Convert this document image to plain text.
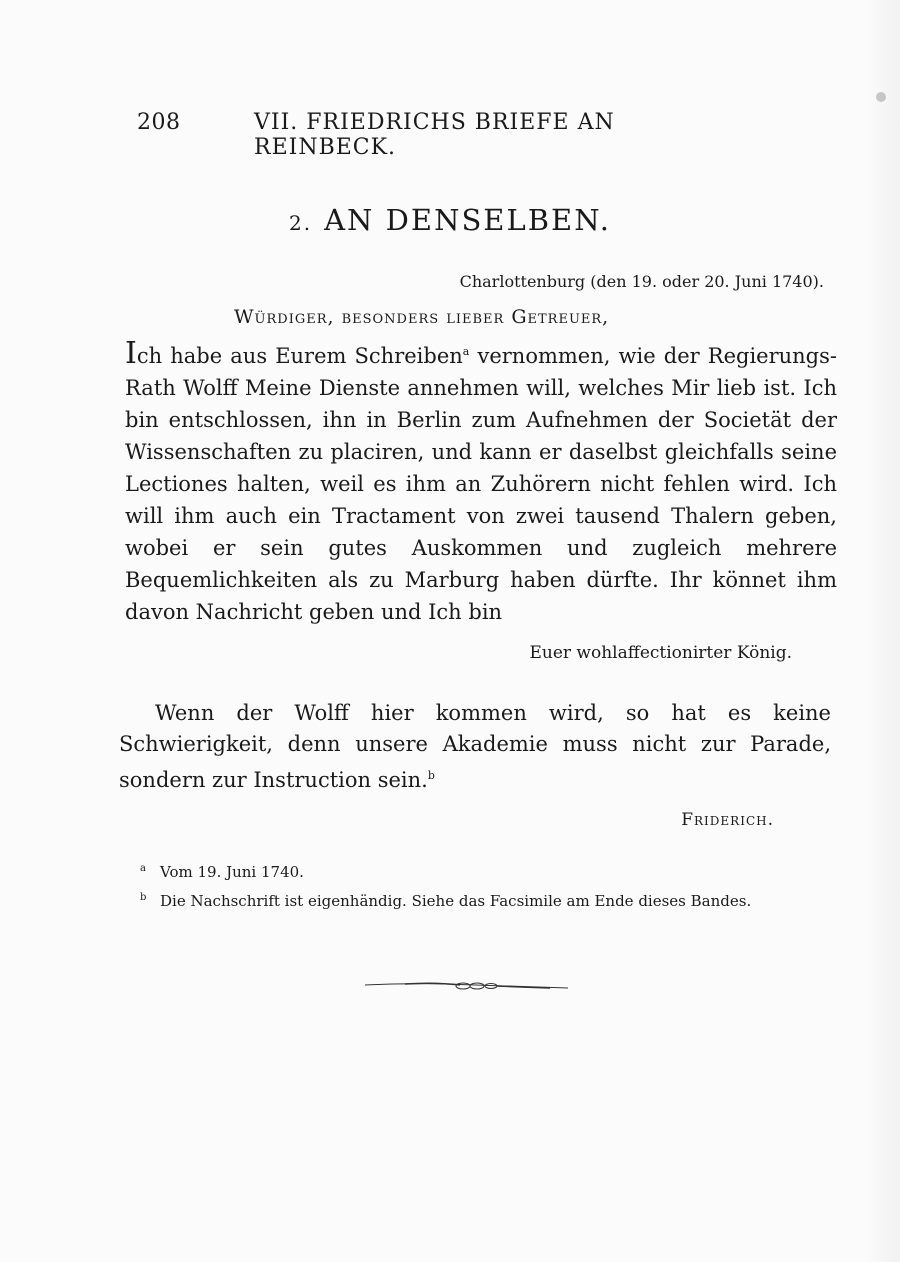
208	VII. FRIEDRICHS BRIEFE AN REINBECK.
2. AN DENSELBEN.
Charlottenburg (den 19. oder 20. Juni 1740).
Würdiger, besonders lieber Getreuer,
Ich habe aus Eurem Schreiben$^a$ vernommen, wie der Regierungs-Rath Wolff Meine Dienste annehmen will, welches Mir lieb ist. Ich bin entschlossen, ihn in Berlin zum Aufnehmen der Societät der Wissenschaften zu placiren, und kann er daselbst gleichfalls seine Lectiones halten, weil es ihm an Zuhörern nicht fehlen wird. Ich will ihm auch ein Tractament von zwei tausend Thalern geben, wobei er sein gutes Auskommen und zugleich mehrere Bequemlichkeiten als zu Marburg haben dürfte. Ihr könnet ihm davon Nachricht geben und Ich bin
Euer wohlaffectionirter König.
Wenn der Wolff hier kommen wird, so hat es keine Schwierigkeit, denn unsere Akademie muss nicht zur Parade, sondern zur Instruction sein.$^b$
Friderich.
a Vom 19. Juni 1740.
b Die Nachschrift ist eigenhändig. Siehe das Facsimile am Ende dieses Bandes.
